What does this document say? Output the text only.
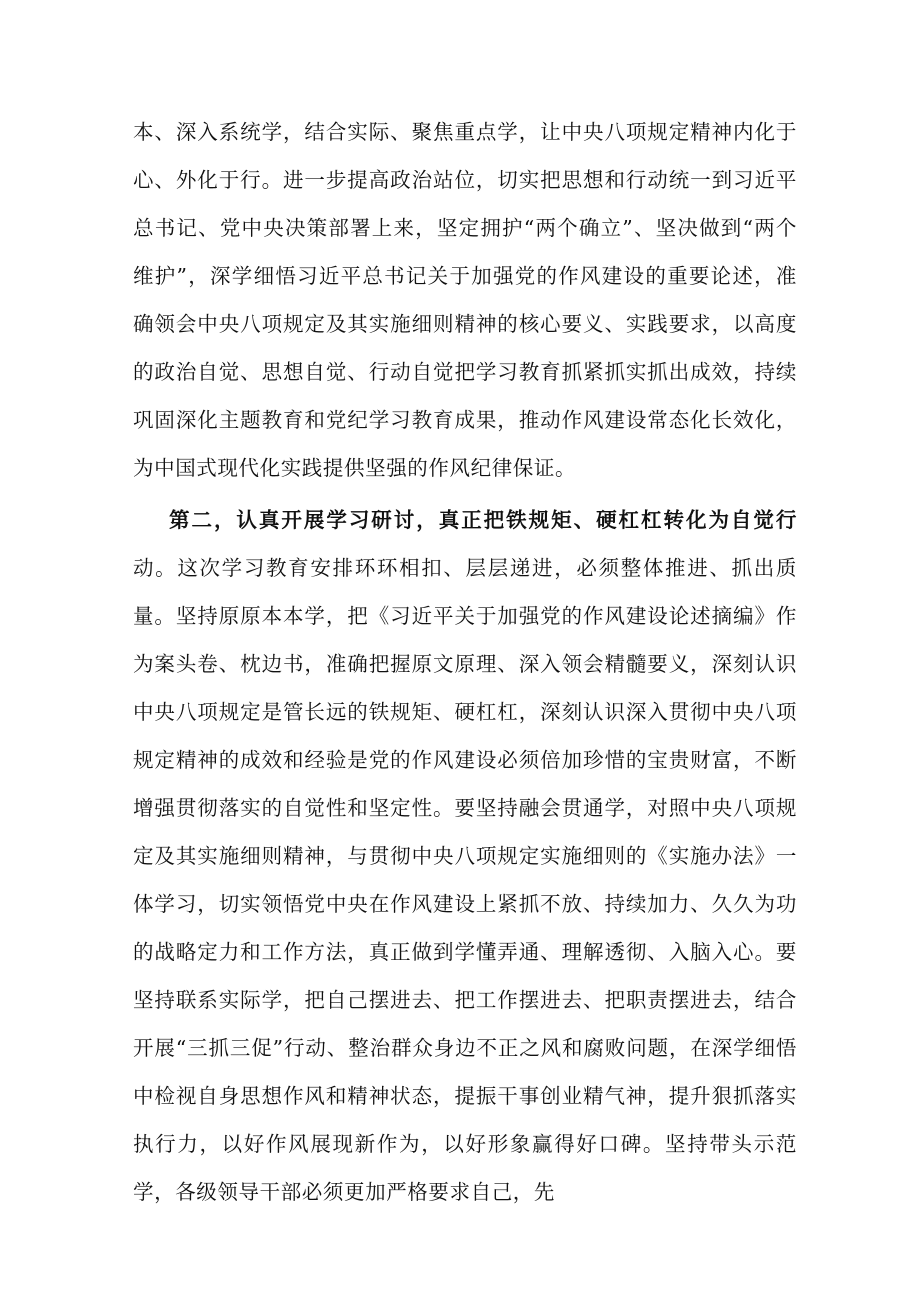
本、深入系统学，结合实际、聚焦重点学，让中央八项规定精神内化于心、外化于行。进一步提高政治站位，切实把思想和行动统一到习近平总书记、党中央决策部署上来，坚定拥护“两个确立”、坚决做到“两个维护”，深学细悟习近平总书记关于加强党的作风建设的重要论述，准确领会中央八项规定及其实施细则精神的核心要义、实践要求，以高度的政治自觉、思想自觉、行动自觉把学习教育抓紧抓实抓出成效，持续巩固深化主题教育和党纪学习教育成果，推动作风建设常态化长效化，为中国式现代化实践提供坚强的作风纪律保证。

第二，认真开展学习研讨，真正把铁规矩、硬杠杠转化为自觉行动。这次学习教育安排环环相扣、层层递进，必须整体推进、抓出质量。坚持原原本本学，把《习近平关于加强党的作风建设论述摘编》作为案头卷、枕边书，准确把握原文原理、深入领会精髓要义，深刻认识中央八项规定是管长远的铁规矩、硬杠杠，深刻认识深入贯彻中央八项规定精神的成效和经验是党的作风建设必须倍加珍惜的宝贵财富，不断增强贯彻落实的自觉性和坚定性。要坚持融会贯通学，对照中央八项规定及其实施细则精神，与贯彻中央八项规定实施细则的《实施办法》一体学习，切实领悟党中央在作风建设上紧抓不放、持续加力、久久为功的战略定力和工作方法，真正做到学懂弄通、理解透彻、入脑入心。要坚持联系实际学，把自己摆进去、把工作摆进去、把职责摆进去，结合开展“三抓三促”行动、整治群众身边不正之风和腐败问题，在深学细悟中检视自身思想作风和精神状态，提振干事创业精气神，提升狠抓落实执行力，以好作风展现新作为，以好形象赢得好口碑。坚持带头示范学，各级领导干部必须更加严格要求自己，先
